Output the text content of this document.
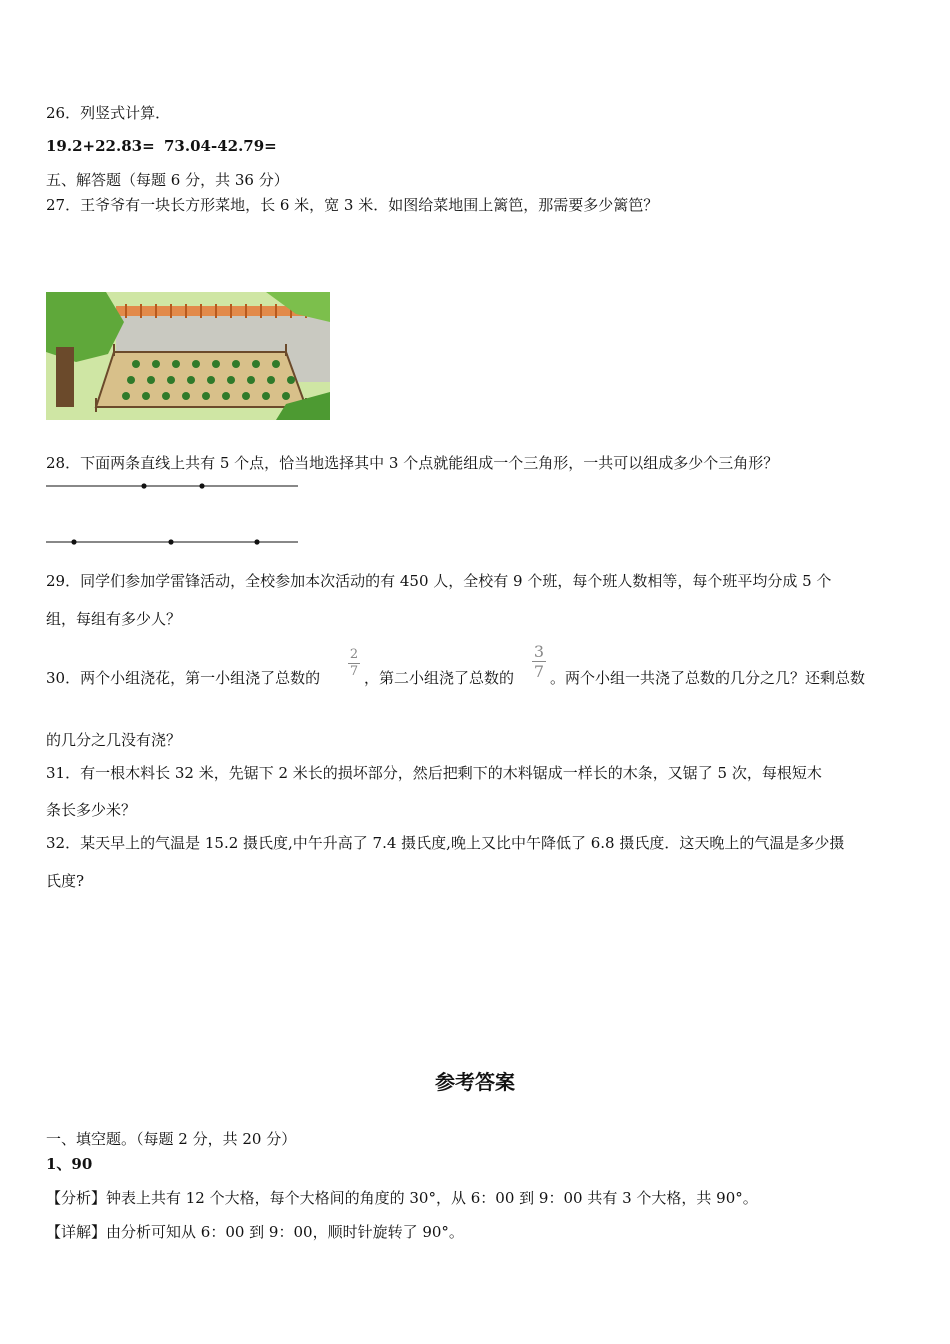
26．列竖式计算．
19.2+22.83= 73.04-42.79=
五、解答题（每题 6 分，共 36 分）
27．王爷爷有一块长方形菜地，长 6 米，宽 3 米．如图给菜地围上篱笆，那需要多少篱笆？
28．下面两条直线上共有 5 个点，恰当地选择其中 3 个点就能组成一个三角形，一共可以组成多少个三角形？
29．同学们参加学雷锋活动，全校参加本次活动的有 450 人，全校有 9 个班，每个班人数相等，每个班平均分成 5 个
组，每组有多少人？
30．两个小组浇花，第一小组浇了总数的
2
7 ，第二小组浇了总数的
3
7 。两个小组一共浇了总数的几分之几？还剩总数
的几分之几没有浇？
31．有一根木料长 32 米，先锯下 2 米长的损坏部分，然后把剩下的木料锯成一样长的木条，又锯了 5 次，每根短木
条长多少米？
32．某天早上的气温是 15.2 摄氏度,中午升高了 7.4 摄氏度,晚上又比中午降低了 6.8 摄氏度．这天晚上的气温是多少摄
氏度?
参考答案
一、填空题。（每题 2 分，共 20 分）
1、90
【分析】钟表上共有 12 个大格，每个大格间的角度的 30°，从 6：00 到 9：00 共有 3 个大格，共 90°。
【详解】由分析可知从 6：00 到 9：00，顺时针旋转了 90°。
